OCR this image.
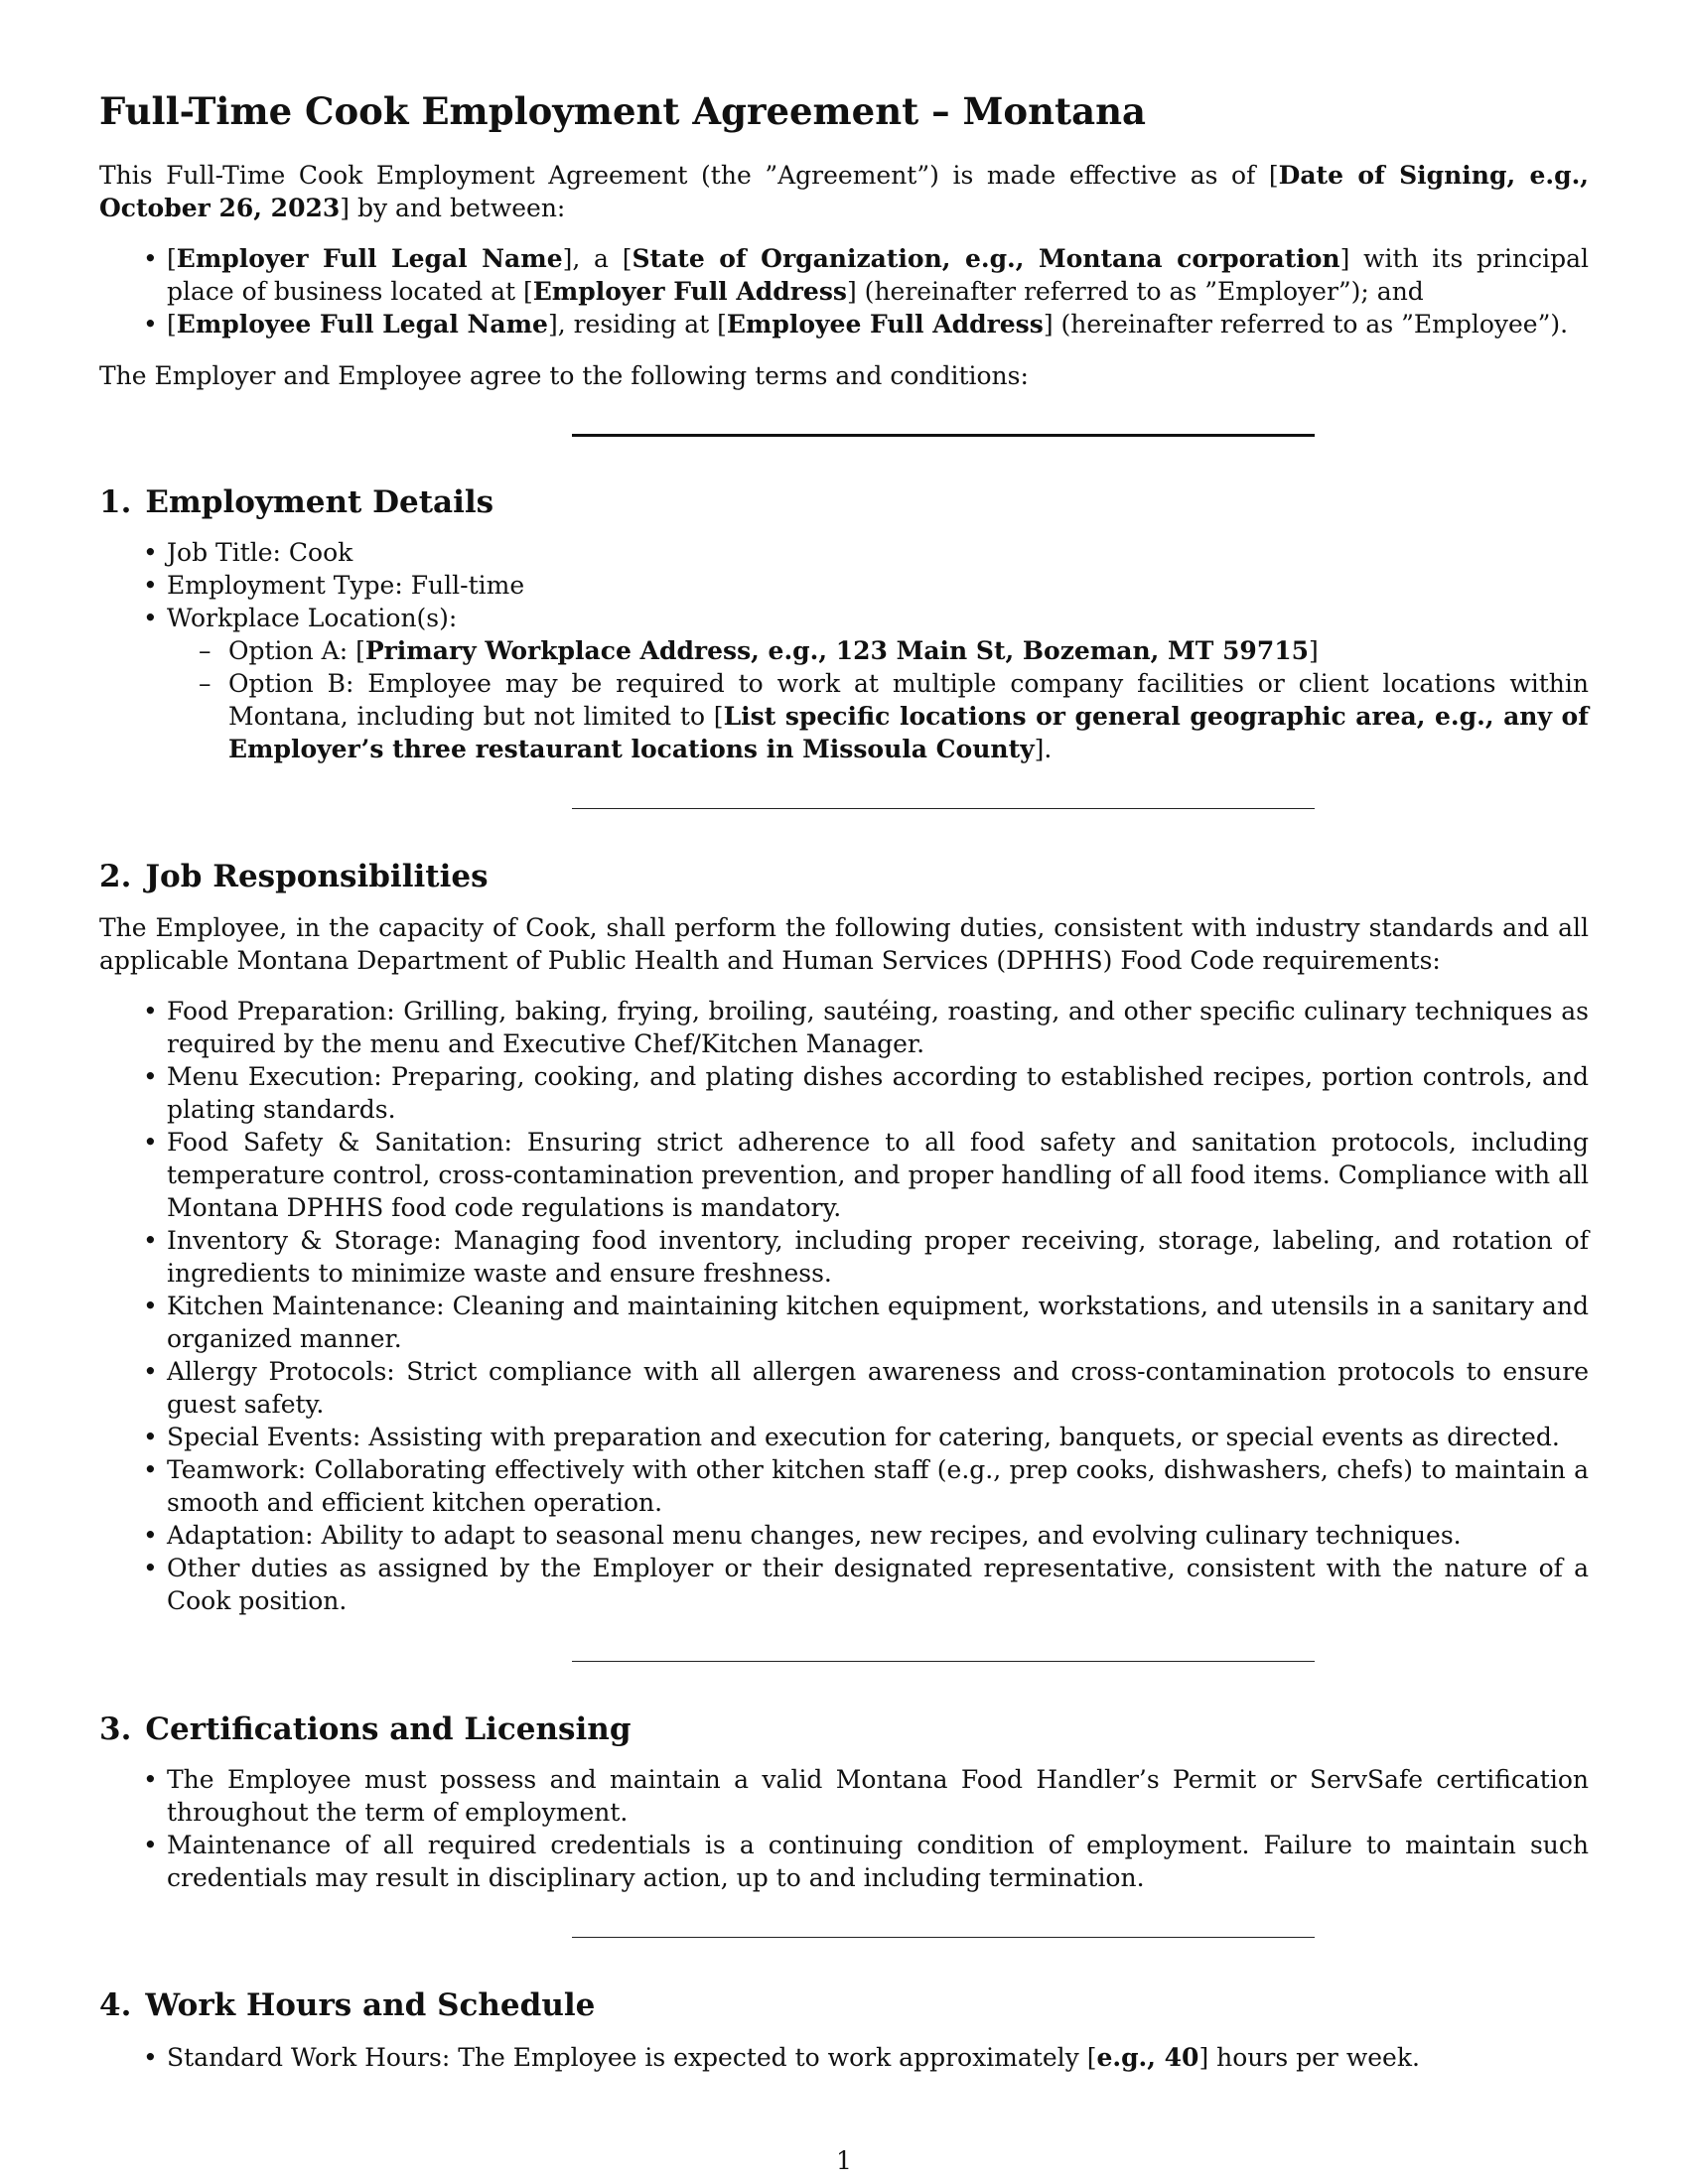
Full-Time Cook Employment Agreement – Montana

This Full-Time Cook Employment Agreement (the ”Agreement”) is made effective as of [Date of Signing, e.g., October 26, 2023] by and between:

• [Employer Full Legal Name], a [State of Organization, e.g., Montana corporation] with its principal place of business located at [Employer Full Address] (hereinafter referred to as ”Employer”); and
• [Employee Full Legal Name], residing at [Employee Full Address] (hereinafter referred to as ”Employee”).

The Employer and Employee agree to the following terms and conditions:

1. Employment Details
• Job Title: Cook
• Employment Type: Full-time
• Workplace Location(s):
– Option A: [Primary Workplace Address, e.g., 123 Main St, Bozeman, MT 59715]
– Option B: Employee may be required to work at multiple company facilities or client locations within Montana, including but not limited to [List specific locations or general geographic area, e.g., any of Employer’s three restaurant locations in Missoula County].
2. Job Responsibilities

The Employee, in the capacity of Cook, shall perform the following duties, consistent with industry standards and all applicable Montana Department of Public Health and Human Services (DPHHS) Food Code requirements:

• Food Preparation: Grilling, baking, frying, broiling, sautéing, roasting, and other specific culinary techniques as required by the menu and Executive Chef/Kitchen Manager.
• Menu Execution: Preparing, cooking, and plating dishes according to established recipes, portion controls, and plating standards.
• Food Safety & Sanitation: Ensuring strict adherence to all food safety and sanitation protocols, including temperature control, cross-contamination prevention, and proper handling of all food items. Compliance with all Montana DPHHS food code regulations is mandatory.
• Inventory & Storage: Managing food inventory, including proper receiving, storage, labeling, and rotation of ingredients to minimize waste and ensure freshness.
• Kitchen Maintenance: Cleaning and maintaining kitchen equipment, workstations, and utensils in a sanitary and organized manner.
• Allergy Protocols: Strict compliance with all allergen awareness and cross-contamination protocols to ensure guest safety.
• Special Events: Assisting with preparation and execution for catering, banquets, or special events as directed.
• Teamwork: Collaborating effectively with other kitchen staff (e.g., prep cooks, dishwashers, chefs) to maintain a smooth and efficient kitchen operation.
• Adaptation: Ability to adapt to seasonal menu changes, new recipes, and evolving culinary techniques.
• Other duties as assigned by the Employer or their designated representative, consistent with the nature of a Cook position.
3. Certifications and Licensing
• The Employee must possess and maintain a valid Montana Food Handler’s Permit or ServSafe certification throughout the term of employment.
• Maintenance of all required credentials is a continuing condition of employment. Failure to maintain such credentials may result in disciplinary action, up to and including termination.
4. Work Hours and Schedule
• Standard Work Hours: The Employee is expected to work approximately [e.g., 40] hours per week.
1
